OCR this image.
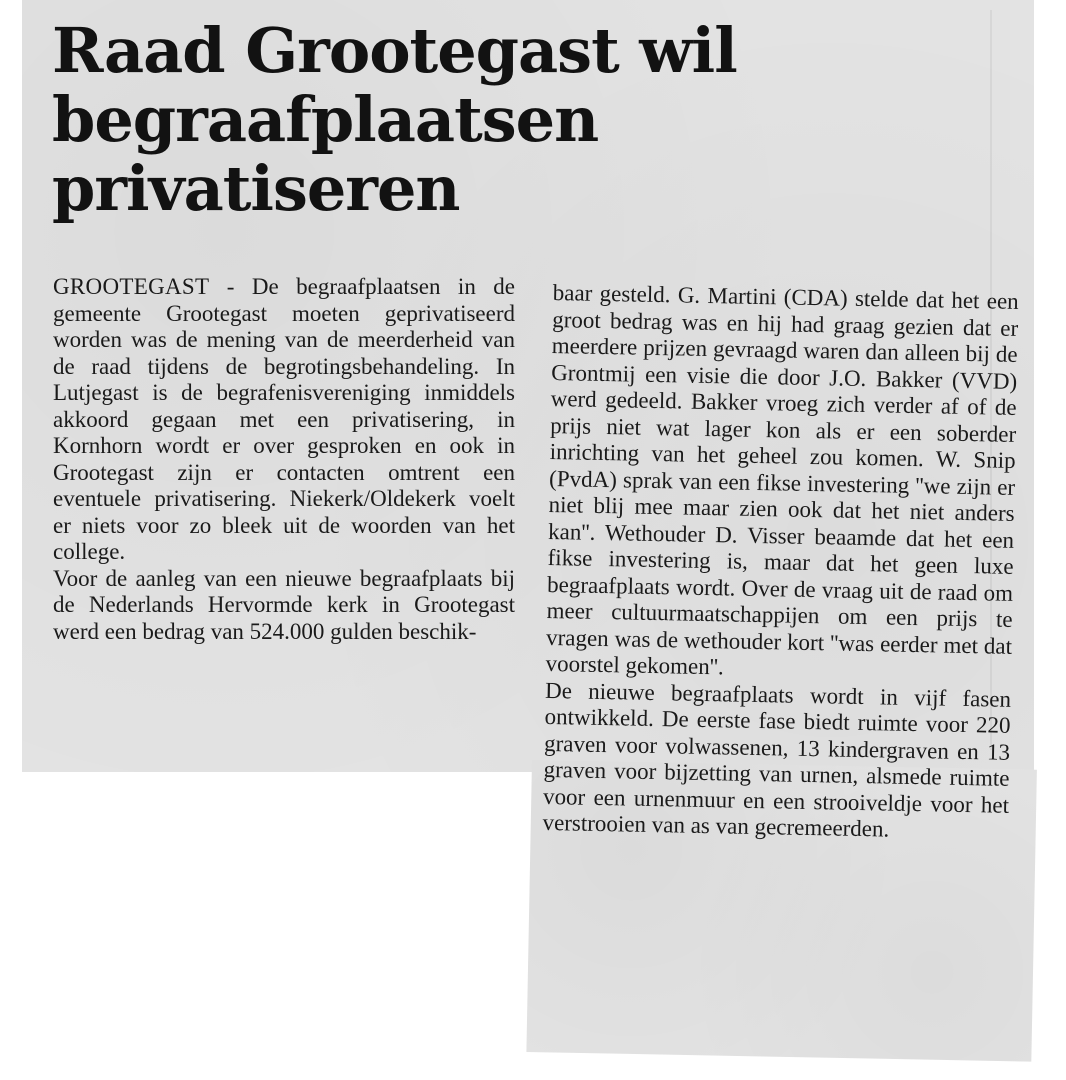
Raad Grootegast wil
begraafplaatsen
privatiseren

GROOTEGAST - De begraafplaatsen in de gemeente Grootegast moeten geprivatiseerd worden was de mening van de meerderheid van de raad tijdens de begrotingsbehandeling. In Lutjegast is de begrafenisvereniging inmiddels akkoord gegaan met een privatisering, in Kornhorn wordt er over gesproken en ook in Grootegast zijn er contacten omtrent een eventuele privatisering. Niekerk/Oldekerk voelt er niets voor zo bleek uit de woorden van het college.

Voor de aanleg van een nieuwe begraafplaats bij de Nederlands Hervormde kerk in Grootegast werd een bedrag van 524.000 gulden beschik-

baar gesteld. G. Martini (CDA) stelde dat het een groot bedrag was en hij had graag gezien dat er meerdere prijzen gevraagd waren dan alleen bij de Grontmij een visie die door J.O. Bakker (VVD) werd gedeeld. Bakker vroeg zich verder af of de prijs niet wat lager kon als er een soberder inrichting van het geheel zou komen. W. Snip (PvdA) sprak van een fikse investering ''we zijn er niet blij mee maar zien ook dat het niet anders kan''. Wethouder D. Visser beaamde dat het een fikse investering is, maar dat het geen luxe begraafplaats wordt. Over de vraag uit de raad om meer cultuurmaatschappijen om een prijs te vragen was de wethouder kort ''was eerder met dat voorstel gekomen''.

De nieuwe begraafplaats wordt in vijf fasen ontwikkeld. De eerste fase biedt ruimte voor 220 graven voor volwassenen, 13 kindergraven en 13 graven voor bijzetting van urnen, alsmede ruimte voor een urnenmuur en een strooiveldje voor het verstrooien van as van gecremeerden.
